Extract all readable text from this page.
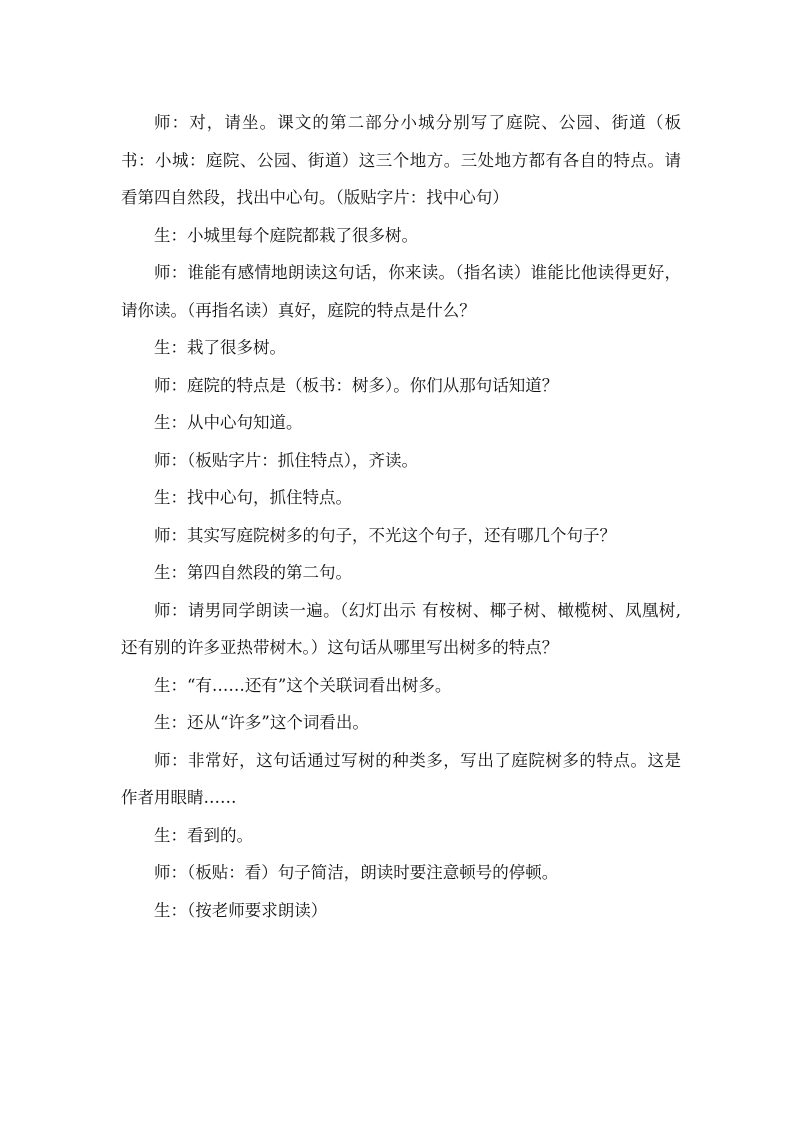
师：对，请坐。课文的第二部分小城分别写了庭院、公园、街道（板书：小城：庭院、公园、街道）这三个地方。三处地方都有各自的特点。请看第四自然段，找出中心句。（版贴字片：找中心句）

生：小城里每个庭院都栽了很多树。

师：谁能有感情地朗读这句话，你来读。（指名读）谁能比他读得更好，请你读。（再指名读）真好，庭院的特点是什么？

生：栽了很多树。

师：庭院的特点是（板书：树多）。你们从那句话知道？

生：从中心句知道。

师：（板贴字片：抓住特点），齐读。

生：找中心句，抓住特点。

师：其实写庭院树多的句子，不光这个句子，还有哪几个句子？

生：第四自然段的第二句。

师：请男同学朗读一遍。（幻灯出示 有桉树、椰子树、橄榄树、凤凰树,还有别的许多亚热带树木。）这句话从哪里写出树多的特点？

生：“有……还有”这个关联词看出树多。

生：还从“许多”这个词看出。

师：非常好，这句话通过写树的种类多，写出了庭院树多的特点。这是作者用眼睛……

生：看到的。

师：（板贴：看）句子简洁，朗读时要注意顿号的停顿。

生：（按老师要求朗读）
